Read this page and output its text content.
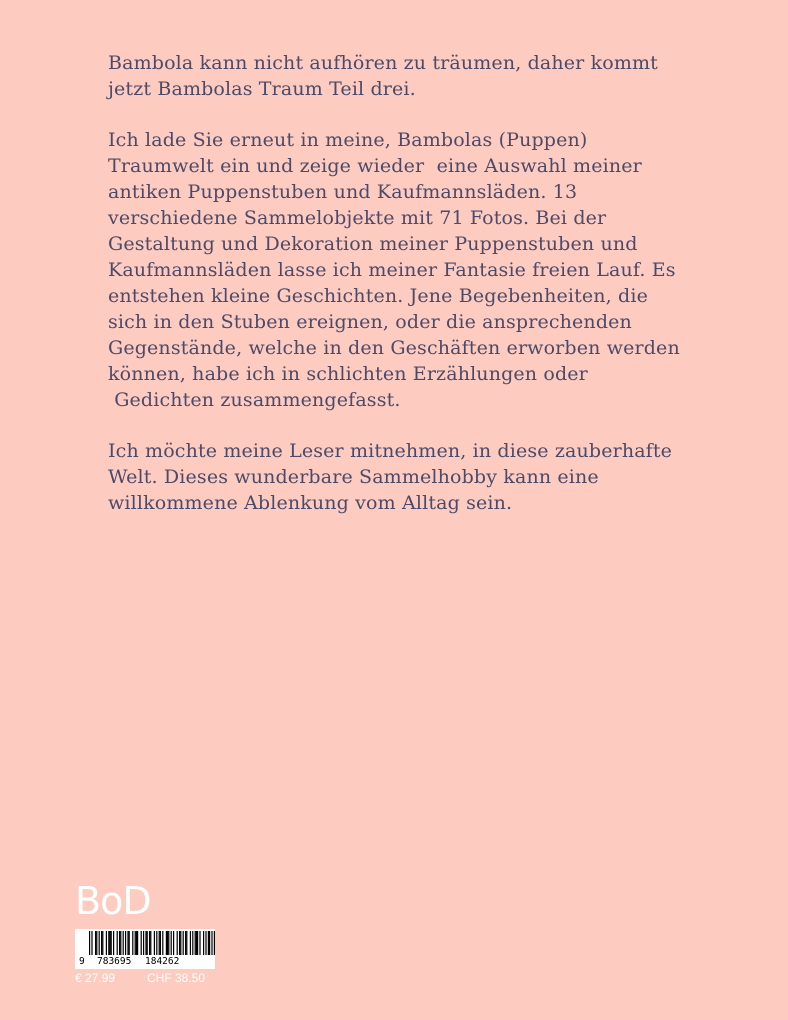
Bambola kann nicht aufhören zu träumen, daher kommt
jetzt Bambolas Traum Teil drei.

Ich lade Sie erneut in meine, Bambolas (Puppen)
Traumwelt ein und zeige wieder  eine Auswahl meiner
antiken Puppenstuben und Kaufmannsläden. 13
verschiedene Sammelobjekte mit 71 Fotos. Bei der
Gestaltung und Dekoration meiner Puppenstuben und
Kaufmannsläden lasse ich meiner Fantasie freien Lauf. Es
entstehen kleine Geschichten. Jene Begebenheiten, die
sich in den Stuben ereignen, oder die ansprechenden
Gegenstände, welche in den Geschäften erworben werden
können, habe ich in schlichten Erzählungen oder
Gedichten zusammengefasst.

Ich möchte meine Leser mitnehmen, in diese zauberhafte
Welt. Dieses wunderbare Sammelhobby kann eine
willkommene Ablenkung vom Alltag sein.

BoD
9 783695 184262
€ 27.99	CHF 38.50
